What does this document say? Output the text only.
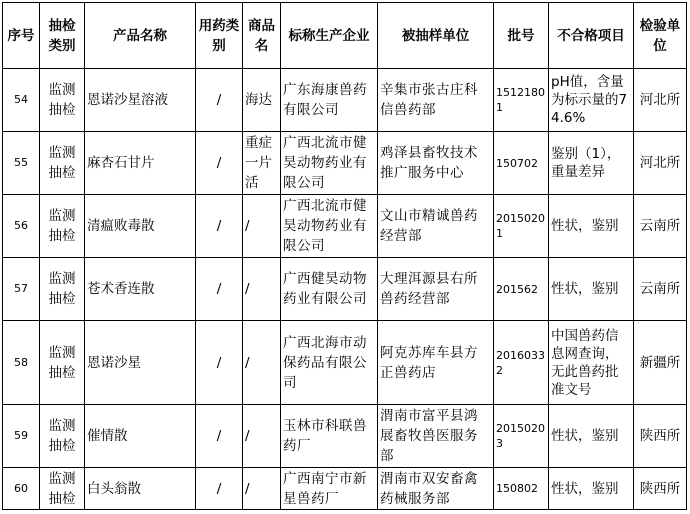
序号	抽检类别	产品名称	用药类别	商品名	标称生产企业	被抽样单位	批号	不合格项目	检验单位
54	监测抽检	恩诺沙星溶液	/	海达	广东海康兽药有限公司	辛集市张古庄科信兽药部	15121801	pH值，含量为标示量的74.6%	河北所
55	监测抽检	麻杏石甘片	/	重症一片活	广西北流市健昊动物药业有限公司	鸡泽县畜牧技术推广服务中心	150702	鉴别（1），重量差异	河北所
56	监测抽检	清瘟败毒散	/	/	广西北流市健昊动物药业有限公司	文山市精诚兽药经营部	20150201	性状，鉴别	云南所
57	监测抽检	苍术香连散	/	/	广西健昊动物药业有限公司	大理洱源县右所兽药经营部	201562	性状，鉴别	云南所
58	监测抽检	恩诺沙星	/	/	广西北海市动保药品有限公司	阿克苏库车县方正兽药店	20160332	中国兽药信息网查询，无此兽药批准文号	新疆所
59	监测抽检	催情散	/	/	玉林市科联兽药厂	渭南市富平县鸿展畜牧兽医服务部	20150203	性状，鉴别	陕西所
60	监测抽检	白头翁散	/	/	广西南宁市新星兽药厂	渭南市双安畜禽药械服务部	150802	性状，鉴别	陕西所
